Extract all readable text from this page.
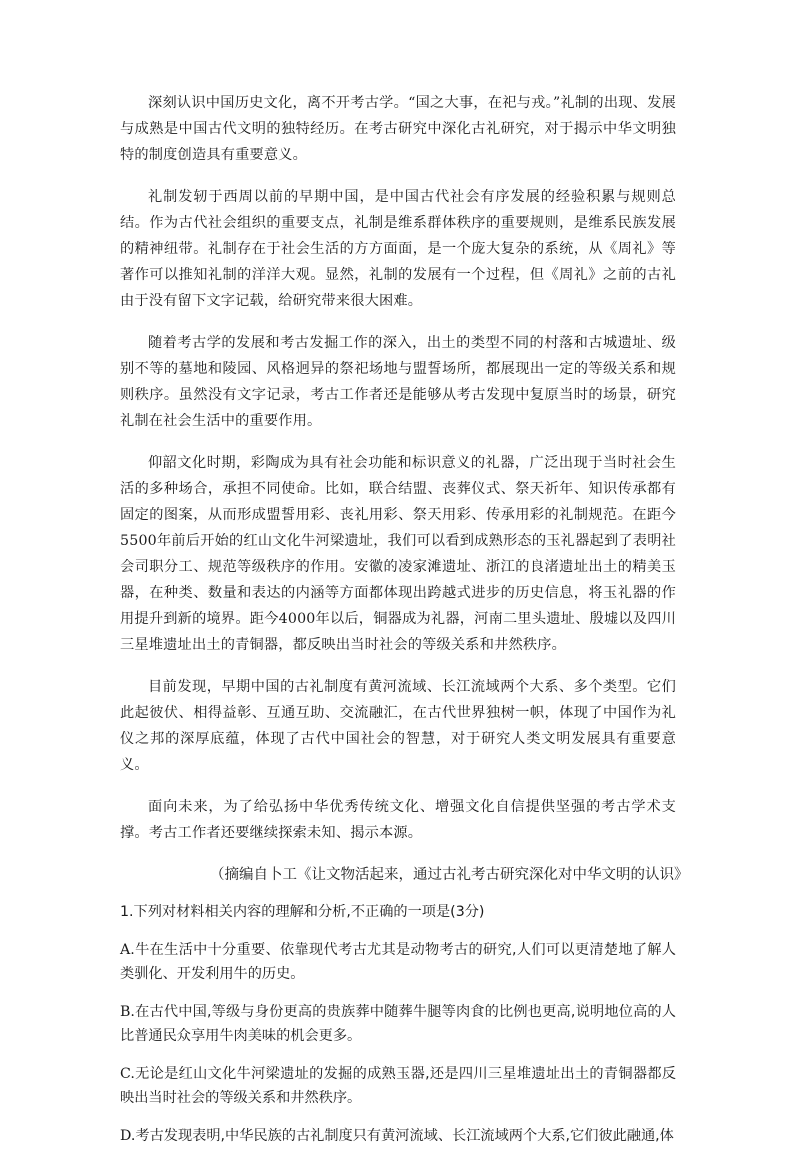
深刻认识中国历史文化，离不开考古学。“国之大事，在祀与戎。”礼制的出现、发展与成熟是中国古代文明的独特经历。在考古研究中深化古礼研究，对于揭示中华文明独特的制度创造具有重要意义。

礼制发轫于西周以前的早期中国，是中国古代社会有序发展的经验积累与规则总结。作为古代社会组织的重要支点，礼制是维系群体秩序的重要规则，是维系民族发展的精神纽带。礼制存在于社会生活的方方面面，是一个庞大复杂的系统，从《周礼》等著作可以推知礼制的洋洋大观。显然，礼制的发展有一个过程，但《周礼》之前的古礼由于没有留下文字记载，给研究带来很大困难。

随着考古学的发展和考古发掘工作的深入，出土的类型不同的村落和古城遗址、级别不等的墓地和陵园、风格迥异的祭祀场地与盟誓场所，都展现出一定的等级关系和规则秩序。虽然没有文字记录，考古工作者还是能够从考古发现中复原当时的场景，研究礼制在社会生活中的重要作用。

仰韶文化时期，彩陶成为具有社会功能和标识意义的礼器，广泛出现于当时社会生活的多种场合，承担不同使命。比如，联合结盟、丧葬仪式、祭天祈年、知识传承都有固定的图案，从而形成盟誓用彩、丧礼用彩、祭天用彩、传承用彩的礼制规范。在距今5500年前后开始的红山文化牛河梁遗址，我们可以看到成熟形态的玉礼器起到了表明社会司职分工、规范等级秩序的作用。安徽的凌家滩遗址、浙江的良渚遗址出土的精美玉器，在种类、数量和表达的内涵等方面都体现出跨越式进步的历史信息，将玉礼器的作用提升到新的境界。距今4000年以后，铜器成为礼器，河南二里头遗址、殷墟以及四川三星堆遗址出土的青铜器，都反映出当时社会的等级关系和井然秩序。

目前发现，早期中国的古礼制度有黄河流域、长江流域两个大系、多个类型。它们此起彼伏、相得益彰、互通互助、交流融汇，在古代世界独树一帜，体现了中国作为礼仪之邦的深厚底蕴，体现了古代中国社会的智慧，对于研究人类文明发展具有重要意义。

面向未来，为了给弘扬中华优秀传统文化、增强文化自信提供坚强的考古学术支撑。考古工作者还要继续探索未知、揭示本源。

（摘编自卜工《让文物活起来，通过古礼考古研究深化对中华文明的认识》

1.下列对材料相关内容的理解和分析,不正确的一项是(3分)

A.牛在生活中十分重要、依靠现代考古尤其是动物考古的研究,人们可以更清楚地了解人类驯化、开发利用牛的历史。

B.在古代中国,等级与身份更高的贵族葬中随葬牛腿等肉食的比例也更高,说明地位高的人比普通民众享用牛肉美味的机会更多。

C.无论是红山文化牛河梁遗址的发掘的成熟玉器,还是四川三星堆遗址出土的青铜器都反映出当时社会的等级关系和井然秩序。

D.考古发现表明,中华民族的古礼制度只有黄河流域、长江流域两个大系,它们彼此融通,体
